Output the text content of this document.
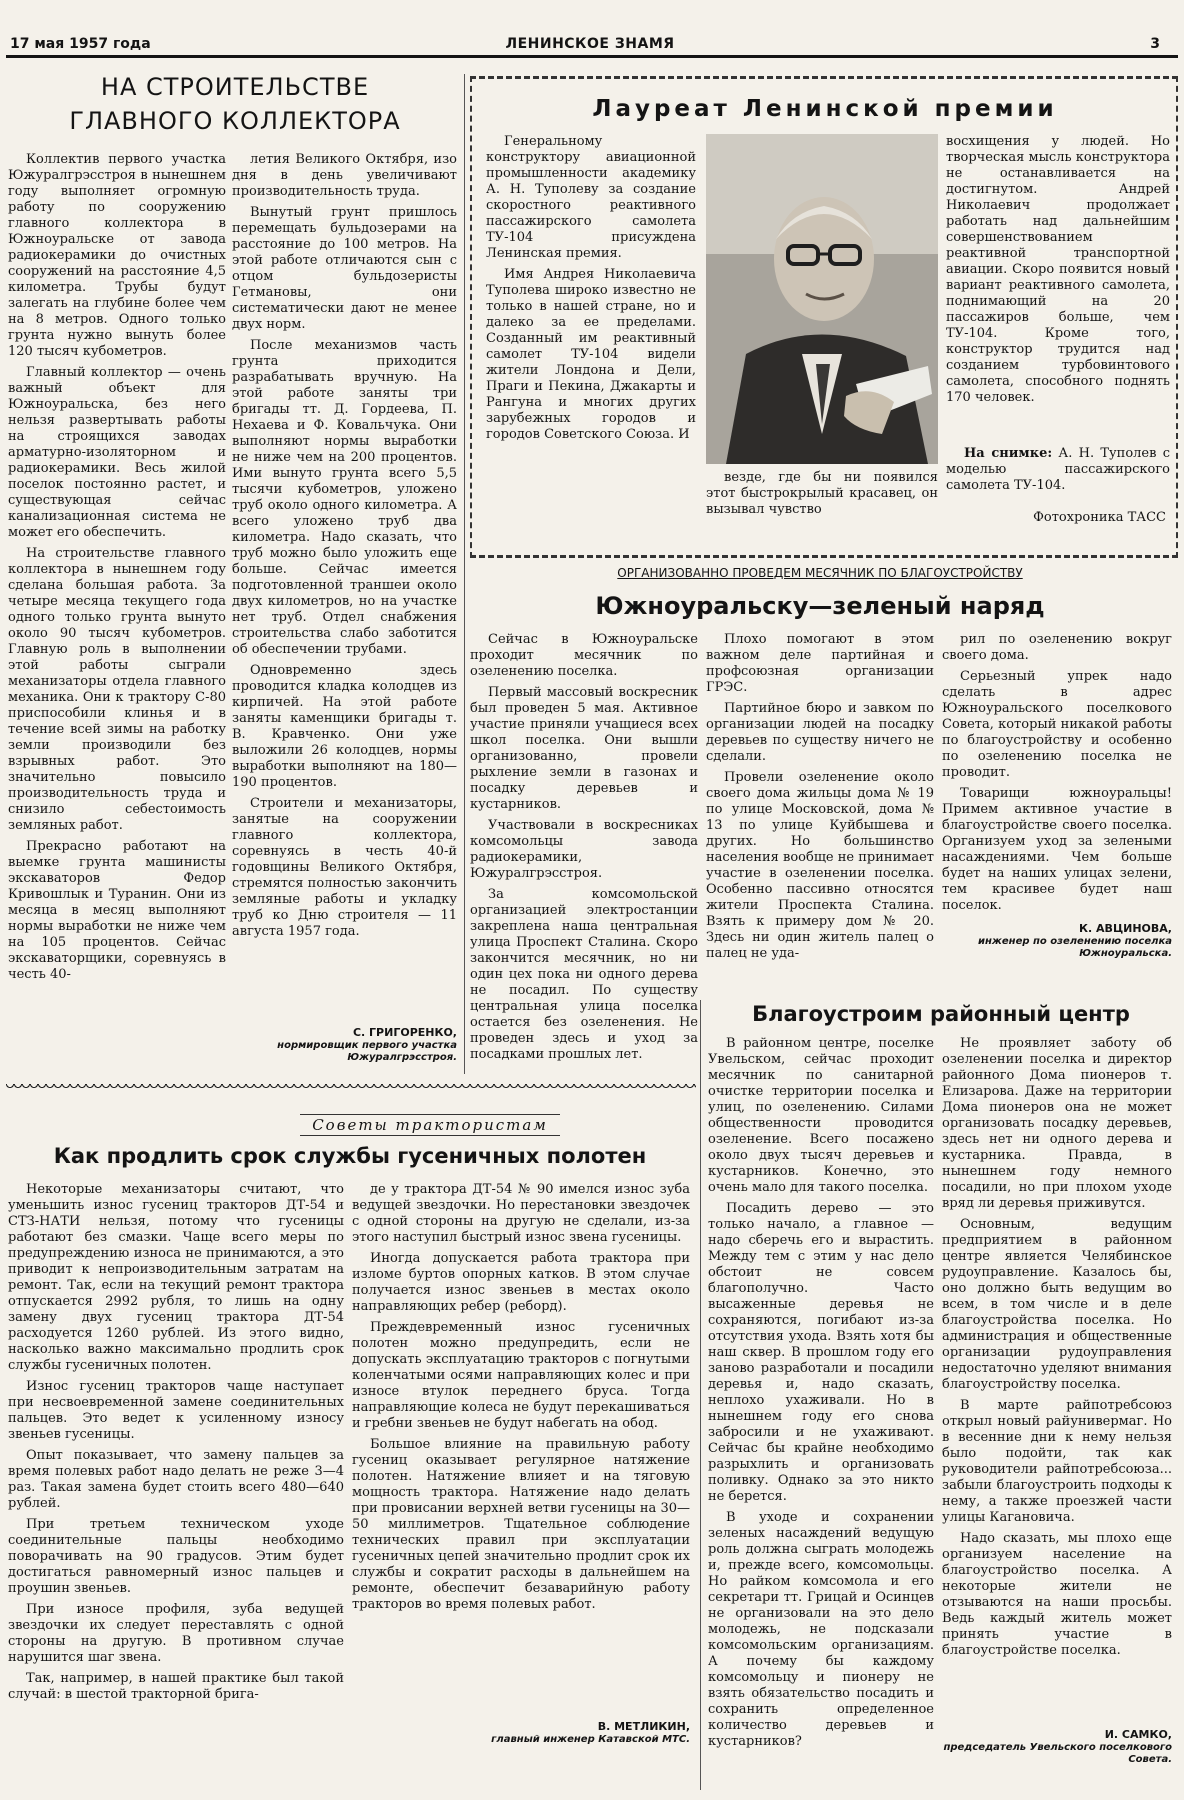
17 мая 1957 года	ЛЕНИНСКОЕ ЗНАМЯ	3
НА СТРОИТЕЛЬСТВЕ
ГЛАВНОГО КОЛЛЕКТОРА

Коллектив первого участка Южуралгрэсстроя в нынешнем году выполняет огромную работу по сооружению главного коллектора в Южноуральске от завода радиокерамики до очистных сооружений на расстояние 4,5 километра. Трубы будут залегать на глубине более чем на 8 метров. Одного только грунта нужно вынуть более 120 тысяч кубометров.

Главный коллектор — очень важный объект для Южноуральска, без него нельзя развертывать работы на строящихся заводах арматурно-изоляторном и радиокерамики. Весь жилой поселок постоянно растет, и существующая сейчас канализационная система не может его обеспечить.

На строительстве главного коллектора в нынешнем году сделана большая работа. За четыре месяца текущего года одного только грунта вынуто около 90 тысяч кубометров. Главную роль в выполнении этой работы сыграли механизаторы отдела главного механика. Они к трактору С-80 приспособили клинья и в течение всей зимы на работку земли производили без взрывных работ. Это значительно повысило производительность труда и снизило себестоимость земляных работ.

Прекрасно работают на выемке грунта машинисты экскаваторов Федор Кривошлык и Туранин. Они из месяца в месяц выполняют нормы выработки не ниже чем на 105 процентов. Сейчас экскаваторщики, соревнуясь в честь 40-

летия Великого Октября, изо дня в день увеличивают производительность труда.

Вынутый грунт пришлось перемещать бульдозерами на расстояние до 100 метров. На этой работе отличаются сын с отцом бульдозеристы Гетмановы, они систематически дают не менее двух норм.

После механизмов часть грунта приходится разрабатывать вручную. На этой работе заняты три бригады тт. Д. Гордеева, П. Нехаева и Ф. Ковальчука. Они выполняют нормы выработки не ниже чем на 200 процентов. Ими вынуто грунта всего 5,5 тысячи кубометров, уложено труб около одного километра. А всего уложено труб два километра. Надо сказать, что труб можно было уложить еще больше. Сейчас имеется подготовленной траншеи около двух километров, но на участке нет труб. Отдел снабжения строительства слабо заботится об обеспечении трубами.

Одновременно здесь проводится кладка колодцев из кирпичей. На этой работе заняты каменщики бригады т. В. Кравченко. Они уже выложили 26 колодцев, нормы выработки выполняют на 180—190 процентов.

Строители и механизаторы, занятые на сооружении главного коллектора, соревнуясь в честь 40-й годовщины Великого Октября, стремятся полностью закончить земляные работы и укладку труб ко Дню строителя — 11 августа 1957 года.

С. ГРИГОРЕНКО,
нормировщик первого участка Южуралгрэсстроя.
Лауреат Ленинской премии

Генеральному конструктору авиационной промышленности академику А. Н. Туполеву за создание скоростного реактивного пассажирского самолета ТУ-104 присуждена Ленинская премия.

Имя Андрея Николаевича Туполева широко известно не только в нашей стране, но и далеко за ее пределами. Созданный им реактивный самолет ТУ-104 видели жители Лондона и Дели, Праги и Пекина, Джакарты и Рангуна и многих других зарубежных городов и городов Советского Союза. И

везде, где бы ни появился этот быстрокрылый красавец, он вызывал чувство
восхищения у людей. Но творческая мысль конструктора не останавливается на достигнутом. Андрей Николаевич продолжает работать над дальнейшим совершенствованием реактивной транспортной авиации. Скоро появится новый вариант реактивного самолета, поднимающий на 20 пассажиров больше, чем ТУ-104. Кроме того, конструктор трудится над созданием турбовинтового самолета, способного поднять 170 человек.
На снимке: А. Н. Туполев с моделью пассажирского самолета ТУ-104.
Фотохроника ТАСС
ОРГАНИЗОВАННО ПРОВЕДЕМ МЕСЯЧНИК ПО БЛАГОУСТРОЙСТВУ
Южноуральску—зеленый наряд

Сейчас в Южноуральске проходит месячник по озеленению поселка.

Первый массовый воскресник был проведен 5 мая. Активное участие приняли учащиеся всех школ поселка. Они вышли организованно, провели рыхление земли в газонах и посадку деревьев и кустарников.

Участвовали в воскресниках комсомольцы завода радиокерамики, Южуралгрэсстроя.

За комсомольской организацией электростанции закреплена наша центральная улица Проспект Сталина. Скоро закончится месячник, но ни один цех пока ни одного дерева не посадил. По существу центральная улица поселка остается без озеленения. Не проведен здесь и уход за посадками прошлых лет.

Плохо помогают в этом важном деле партийная и профсоюзная организации ГРЭС.

Партийное бюро и завком по организации людей на посадку деревьев по существу ничего не сделали.

Провели озеленение около своего дома жильцы дома № 19 по улице Московской, дома № 13 по улице Куйбышева и других. Но большинство населения вообще не принимает участие в озеленении поселка. Особенно пассивно относятся жители Проспекта Сталина. Взять к примеру дом № 20. Здесь ни один житель палец о палец не уда-

рил по озеленению вокруг своего дома.

Серьезный упрек надо сделать в адрес Южноуральского поселкового Совета, который никакой работы по благоустройству и особенно по озеленению поселка не проводит.

Товарищи южноуральцы! Примем активное участие в благоустройстве своего поселка. Организуем уход за зелеными насаждениями. Чем больше будет на наших улицах зелени, тем красивее будет наш поселок.

К. АВЦИНОВА,
инженер по озеленению поселка Южноуральска.
Благоустроим районный центр

В районном центре, поселке Увельском, сейчас проходит месячник по санитарной очистке территории поселка и улиц, по озеленению. Силами общественности проводится озеленение. Всего посажено около двух тысяч деревьев и кустарников. Конечно, это очень мало для такого поселка.

Посадить дерево — это только начало, а главное — надо сберечь его и вырастить. Между тем с этим у нас дело обстоит не совсем благополучно. Часто высаженные деревья не сохраняются, погибают из-за отсутствия ухода. Взять хотя бы наш сквер. В прошлом году его заново разработали и посадили деревья и, надо сказать, неплохо ухаживали. Но в нынешнем году его снова забросили и не ухаживают. Сейчас бы крайне необходимо разрыхлить и организовать поливку. Однако за это никто не берется.

В уходе и сохранении зеленых насаждений ведущую роль должна сыграть молодежь и, прежде всего, комсомольцы. Но райком комсомола и его секретари тт. Грицай и Осинцев не организовали на это дело молодежь, не подсказали комсомольским организациям. А почему бы каждому комсомольцу и пионеру не взять обязательство посадить и сохранить определенное количество деревьев и кустарников?

Не проявляет заботу об озеленении поселка и директор районного Дома пионеров т. Елизарова. Даже на территории Дома пионеров она не может организовать посадку деревьев, здесь нет ни одного дерева и кустарника. Правда, в нынешнем году немного посадили, но при плохом уходе вряд ли деревья приживутся.

Основным, ведущим предприятием в районном центре является Челябинское рудоуправление. Казалось бы, оно должно быть ведущим во всем, в том числе и в деле благоустройства поселка. Но администрация и общественные организации рудоуправления недостаточно уделяют внимания благоустройству поселка.

В марте райпотребсоюз открыл новый райунивермаг. Но в весенние дни к нему нельзя было подойти, так как руководители райпотребсоюза... забыли благоустроить подходы к нему, а также проезжей части улицы Кагановича.

Надо сказать, мы плохо еще организуем население на благоустройство поселка. А некоторые жители не отзываются на наши просьбы. Ведь каждый житель может принять участие в благоустройстве поселка.

И. САМКО,
председатель Увельского поселкового Совета.
Советы трактористам
Как продлить срок службы гусеничных полотен

Некоторые механизаторы считают, что уменьшить износ гусениц тракторов ДТ-54 и СТЗ-НАТИ нельзя, потому что гусеницы работают без смазки. Чаще всего меры по предупреждению износа не принимаются, а это приводит к непроизводительным затратам на ремонт. Так, если на текущий ремонт трактора отпускается 2992 рубля, то лишь на одну замену двух гусениц трактора ДТ-54 расходуется 1260 рублей. Из этого видно, насколько важно максимально продлить срок службы гусеничных полотен.

Износ гусениц тракторов чаще наступает при несвоевременной замене соединительных пальцев. Это ведет к усиленному износу звеньев гусеницы.

Опыт показывает, что замену пальцев за время полевых работ надо делать не реже 3—4 раз. Такая замена будет стоить всего 480—640 рублей.

При третьем техническом уходе соединительные пальцы необходимо поворачивать на 90 градусов. Этим будет достигаться равномерный износ пальцев и проушин звеньев.

При износе профиля, зуба ведущей звездочки их следует переставлять с одной стороны на другую. В противном случае нарушится шаг звена.

Так, например, в нашей практике был такой случай: в шестой тракторной брига-

де у трактора ДТ-54 № 90 имелся износ зуба ведущей звездочки. Но перестановки звездочек с одной стороны на другую не сделали, из-за этого наступил быстрый износ звена гусеницы.

Иногда допускается работа трактора при изломе буртов опорных катков. В этом случае получается износ звеньев в местах около направляющих ребер (реборд).

Преждевременный износ гусеничных полотен можно предупредить, если не допускать эксплуатацию тракторов с погнутыми коленчатыми осями направляющих колес и при износе втулок переднего бруса. Тогда направляющие колеса не будут перекашиваться и гребни звеньев не будут набегать на обод.

Большое влияние на правильную работу гусениц оказывает регулярное натяжение полотен. Натяжение влияет и на тяговую мощность трактора. Натяжение надо делать при провисании верхней ветви гусеницы на 30—50 миллиметров. Тщательное соблюдение технических правил при эксплуатации гусеничных цепей значительно продлит срок их службы и сократит расходы в дальнейшем на ремонте, обеспечит безаварийную работу тракторов во время полевых работ.

В. МЕТЛИКИН,
главный инженер Катавской МТС.
